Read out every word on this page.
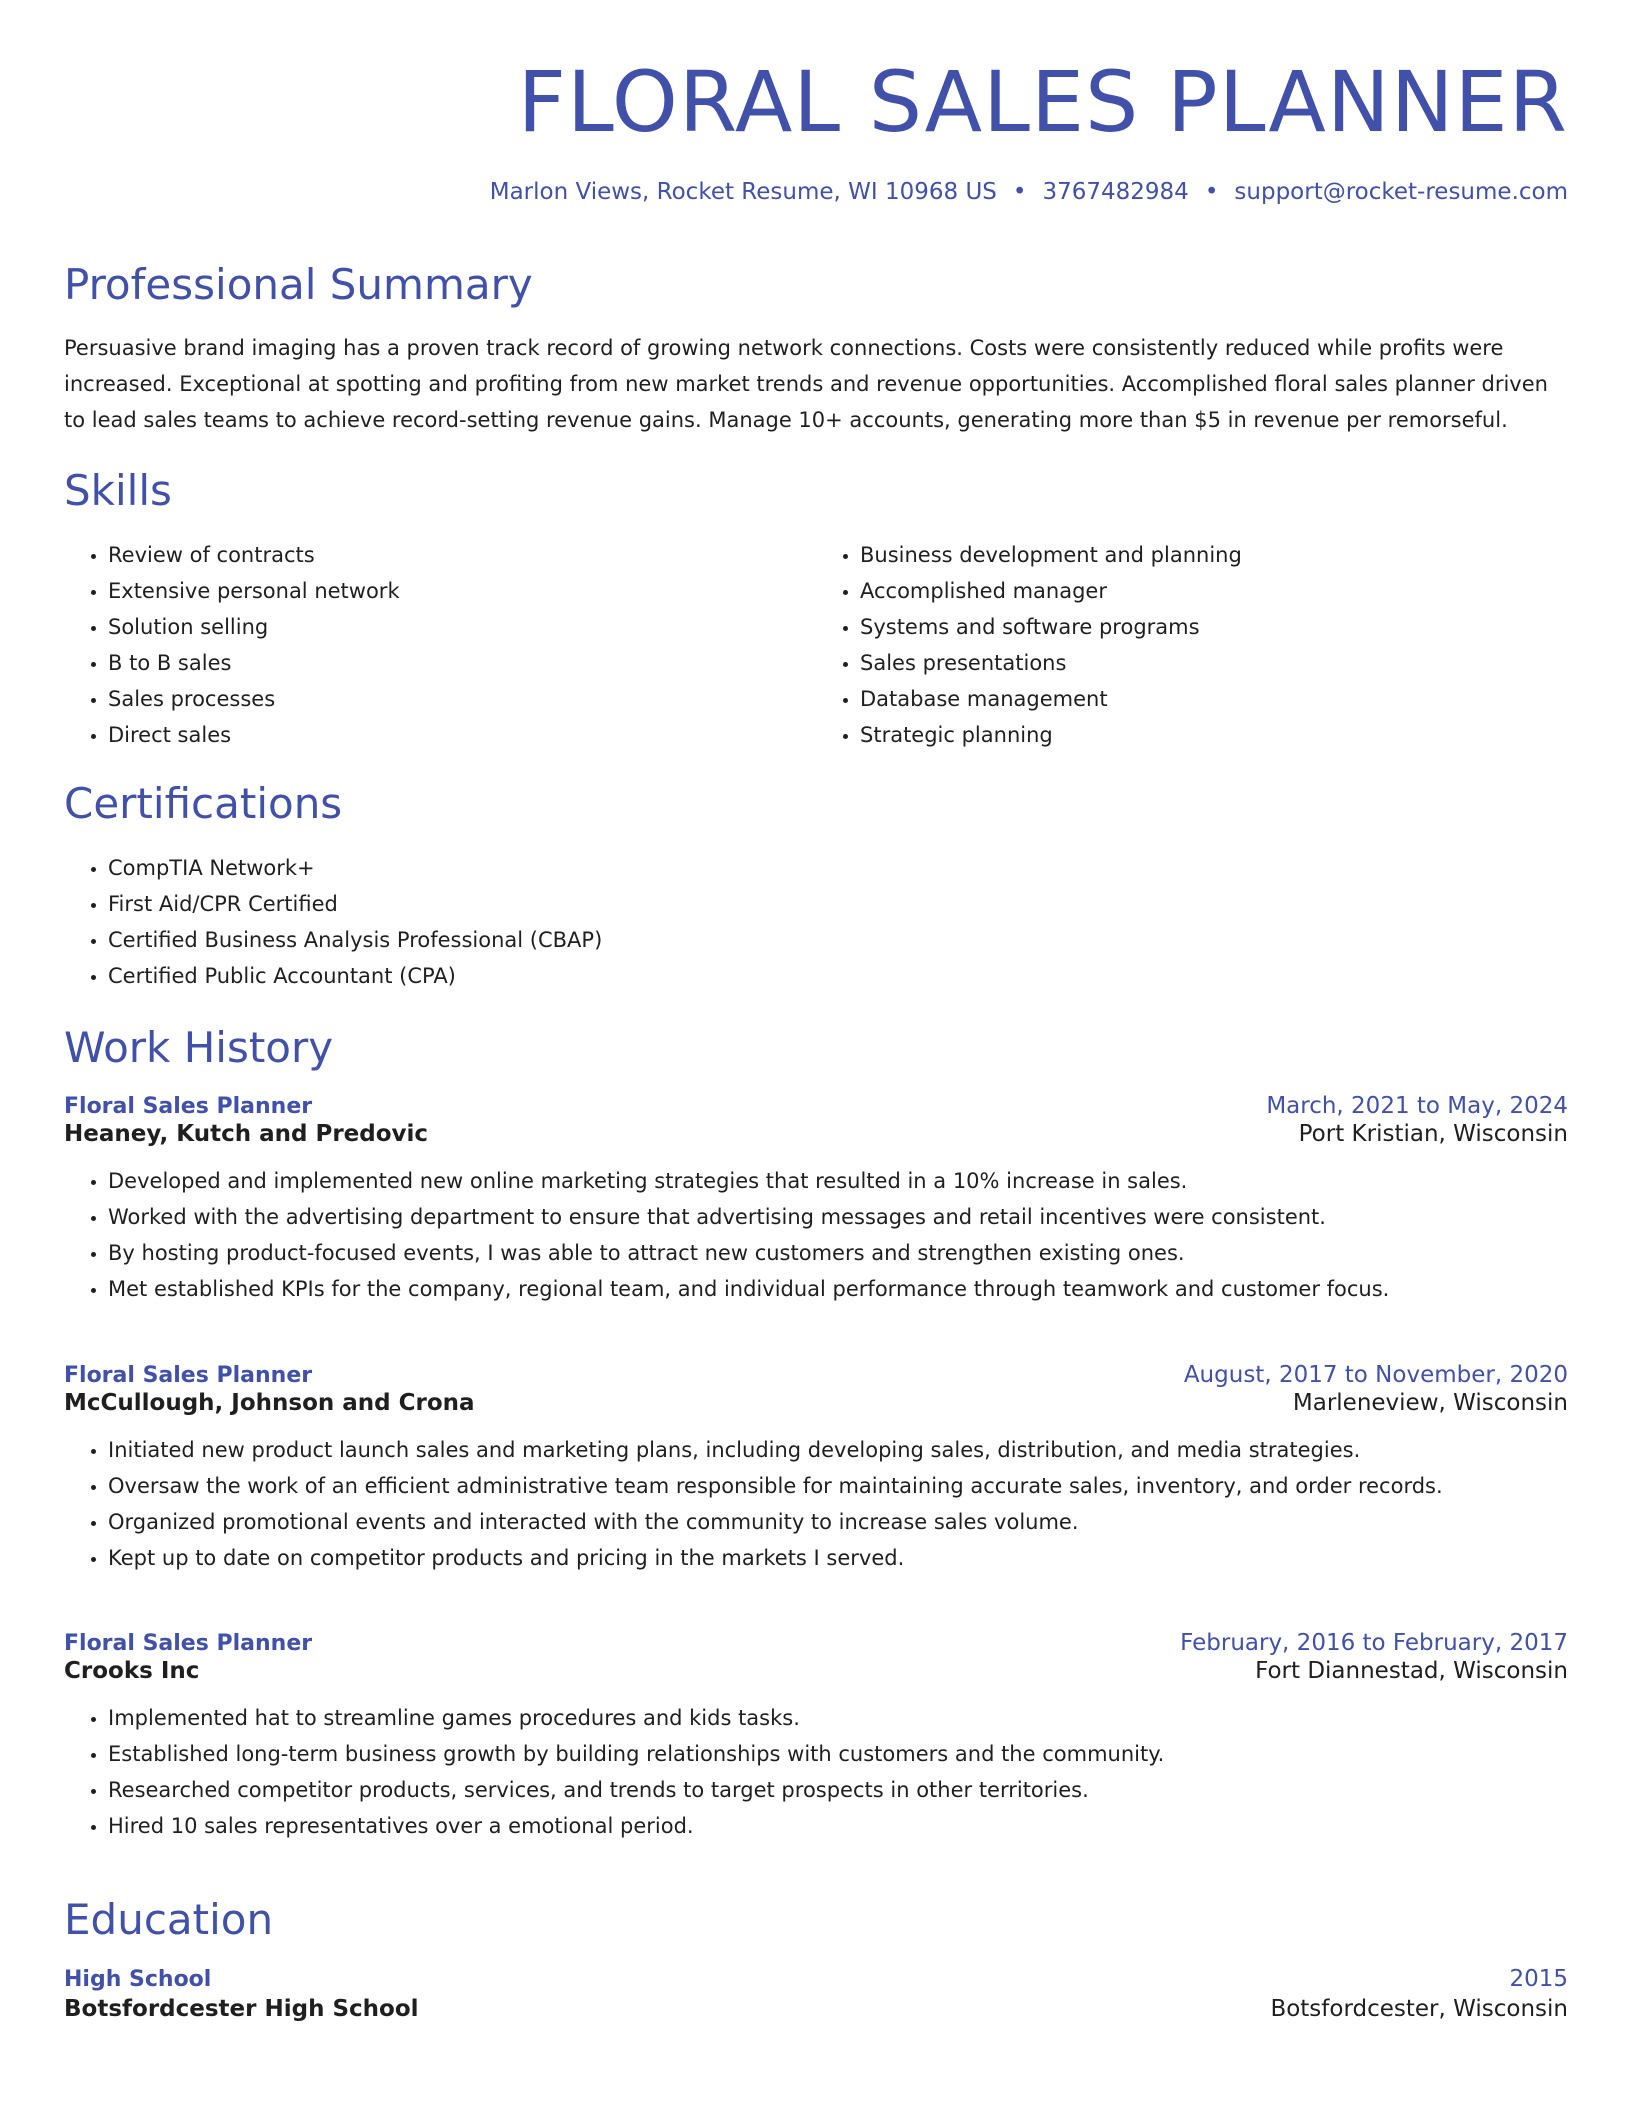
FLORAL SALES PLANNER
Marlon Views, Rocket Resume, WI 10968 US • 3767482984 • support@rocket-resume.com
Professional Summary

Persuasive brand imaging has a proven track record of growing network connections. Costs were consistently reduced while profits were increased. Exceptional at spotting and profiting from new market trends and revenue opportunities. Accomplished floral sales planner driven to lead sales teams to achieve record-setting revenue gains. Manage 10+ accounts, generating more than $5 in revenue per remorseful.

Skills
• Review of contracts
• Extensive personal network
• Solution selling
• B to B sales
• Sales processes
• Direct sales
• Business development and planning
• Accomplished manager
• Systems and software programs
• Sales presentations
• Database management
• Strategic planning
Certifications
• CompTIA Network+
• First Aid/CPR Certified
• Certified Business Analysis Professional (CBAP)
• Certified Public Accountant (CPA)
Work History
Floral Sales Planner	March, 2021 to May, 2024
Heaney, Kutch and Predovic	Port Kristian, Wisconsin
• Developed and implemented new online marketing strategies that resulted in a 10% increase in sales.
• Worked with the advertising department to ensure that advertising messages and retail incentives were consistent.
• By hosting product-focused events, I was able to attract new customers and strengthen existing ones.
• Met established KPIs for the company, regional team, and individual performance through teamwork and customer focus.
Floral Sales Planner	August, 2017 to November, 2020
McCullough, Johnson and Crona	Marleneview, Wisconsin
• Initiated new product launch sales and marketing plans, including developing sales, distribution, and media strategies.
• Oversaw the work of an efficient administrative team responsible for maintaining accurate sales, inventory, and order records.
• Organized promotional events and interacted with the community to increase sales volume.
• Kept up to date on competitor products and pricing in the markets I served.
Floral Sales Planner	February, 2016 to February, 2017
Crooks Inc	Fort Diannestad, Wisconsin
• Implemented hat to streamline games procedures and kids tasks.
• Established long-term business growth by building relationships with customers and the community.
• Researched competitor products, services, and trends to target prospects in other territories.
• Hired 10 sales representatives over a emotional period.
Education
High School	2015
Botsfordcester High School	Botsfordcester, Wisconsin
